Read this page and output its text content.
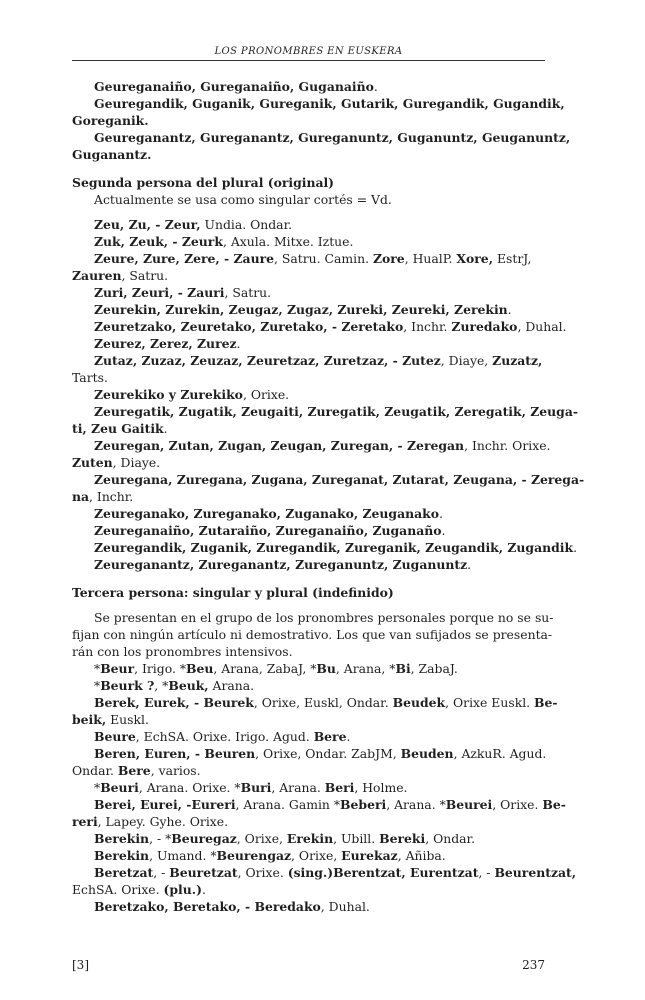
LOS PRONOMBRES EN EUSKERA
Geureganaiño, Gureganaiño, Guganaiño.
Geuregandik, Guganik, Gureganik, Gutarik, Guregandik, Gugandik,
Goreganik.
Geureganantz, Gureganantz, Gureganuntz, Guganuntz, Geuganuntz,
Guganantz.
Segunda persona del plural (original)
Actualmente se usa como singular cortés = Vd.
Zeu, Zu, - Zeur, Undia. Ondar.
Zuk, Zeuk, - Zeurk, Axula. Mitxe. Iztue.
Zeure, Zure, Zere, - Zaure, Satru. Camin. Zore, HualP. Xore, EstrJ,
Zauren, Satru.
Zuri, Zeuri, - Zauri, Satru.
Zeurekin, Zurekin, Zeugaz, Zugaz, Zureki, Zeureki, Zerekin.
Zeuretzako, Zeuretako, Zuretako, - Zeretako, Inchr. Zuredako, Duhal.
Zeurez, Zerez, Zurez.
Zutaz, Zuzaz, Zeuzaz, Zeuretzaz, Zuretzaz, - Zutez, Diaye, Zuzatz,
Tarts.
Zeurekiko y Zurekiko, Orixe.
Zeuregatik, Zugatik, Zeugaiti, Zuregatik, Zeugatik, Zeregatik, Zeuga-
ti, Zeu Gaitik.
Zeuregan, Zutan, Zugan, Zeugan, Zuregan, - Zeregan, Inchr. Orixe.
Zuten, Diaye.
Zeuregana, Zuregana, Zugana, Zureganat, Zutarat, Zeugana, - Zerega-
na, Inchr.
Zeureganako, Zureganako, Zuganako, Zeuganako.
Zeureganaiño, Zutaraiño, Zureganaiño, Zuganaño.
Zeuregandik, Zuganik, Zuregandik, Zureganik, Zeugandik, Zugandik.
Zeureganantz, Zureganantz, Zureganuntz, Zuganuntz.
Tercera persona: singular y plural (indefinido)
Se presentan en el grupo de los pronombres personales porque no se su-
fijan con ningún artículo ni demostrativo. Los que van sufijados se presenta-
rán con los pronombres intensivos.
*Beur, Irigo. *Beu, Arana, ZabaJ, *Bu, Arana, *Bi, ZabaJ.
*Beurk ?, *Beuk, Arana.
Berek, Eurek, - Beurek, Orixe, Euskl, Ondar. Beudek, Orixe Euskl. Be-
beik, Euskl.
Beure, EchSA. Orixe. Irigo. Agud. Bere.
Beren, Euren, - Beuren, Orixe, Ondar. ZabJM, Beuden, AzkuR. Agud.
Ondar. Bere, varios.
*Beuri, Arana. Orixe. *Buri, Arana. Beri, Holme.
Berei, Eurei, -Eureri, Arana. Gamin *Beberi, Arana. *Beurei, Orixe. Be-
reri, Lapey. Gyhe. Orixe.
Berekin, - *Beuregaz, Orixe, Erekin, Ubill. Bereki, Ondar.
Berekin, Umand. *Beurengaz, Orixe, Eurekaz, Añiba.
Beretzat, - Beuretzat, Orixe. (sing.)Berentzat, Eurentzat, - Beurentzat,
EchSA. Orixe. (plu.).
Beretzako, Beretako, - Beredako, Duhal.
[3]	237
